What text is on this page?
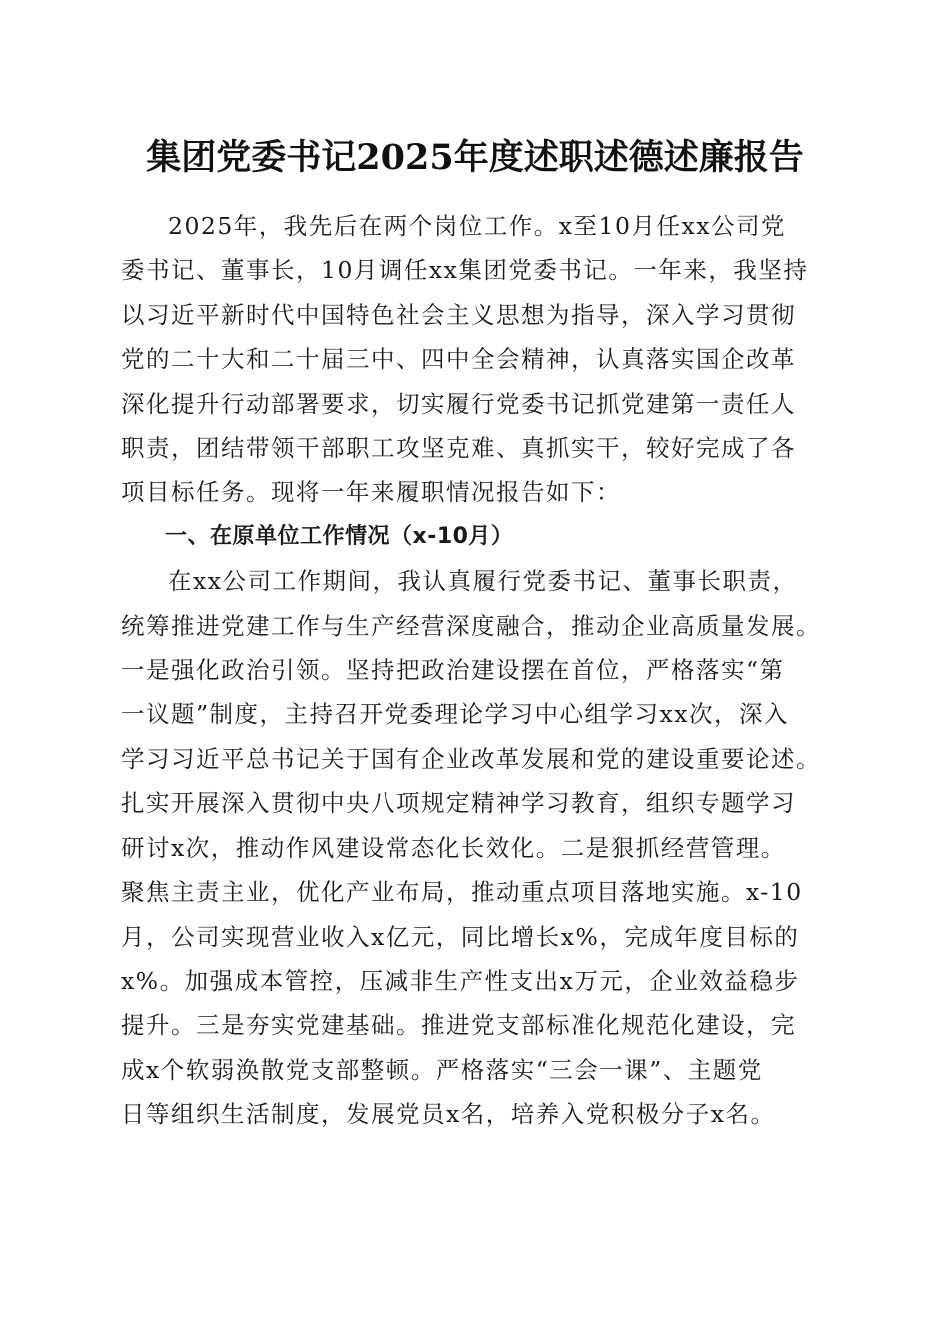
集团党委书记2025年度述职述德述廉报告
2025年，我先后在两个岗位工作。x至10月任xx公司党
委书记、董事长，10月调任xx集团党委书记。一年来，我坚持
以习近平新时代中国特色社会主义思想为指导，深入学习贯彻
党的二十大和二十届三中、四中全会精神，认真落实国企改革
深化提升行动部署要求，切实履行党委书记抓党建第一责任人
职责，团结带领干部职工攻坚克难、真抓实干，较好完成了各
项目标任务。现将一年来履职情况报告如下：
一、在原单位工作情况（x-10月）
在xx公司工作期间，我认真履行党委书记、董事长职责，
统筹推进党建工作与生产经营深度融合，推动企业高质量发展。
一是强化政治引领。坚持把政治建设摆在首位，严格落实“第
一议题”制度，主持召开党委理论学习中心组学习xx次，深入
学习习近平总书记关于国有企业改革发展和党的建设重要论述。
扎实开展深入贯彻中央八项规定精神学习教育，组织专题学习
研讨x次，推动作风建设常态化长效化。二是狠抓经营管理。
聚焦主责主业，优化产业布局，推动重点项目落地实施。x-10
月，公司实现营业收入x亿元，同比增长x%，完成年度目标的
x%。加强成本管控，压减非生产性支出x万元，企业效益稳步
提升。三是夯实党建基础。推进党支部标准化规范化建设，完
成x个软弱涣散党支部整顿。严格落实“三会一课”、主题党
日等组织生活制度，发展党员x名，培养入党积极分子x名。
